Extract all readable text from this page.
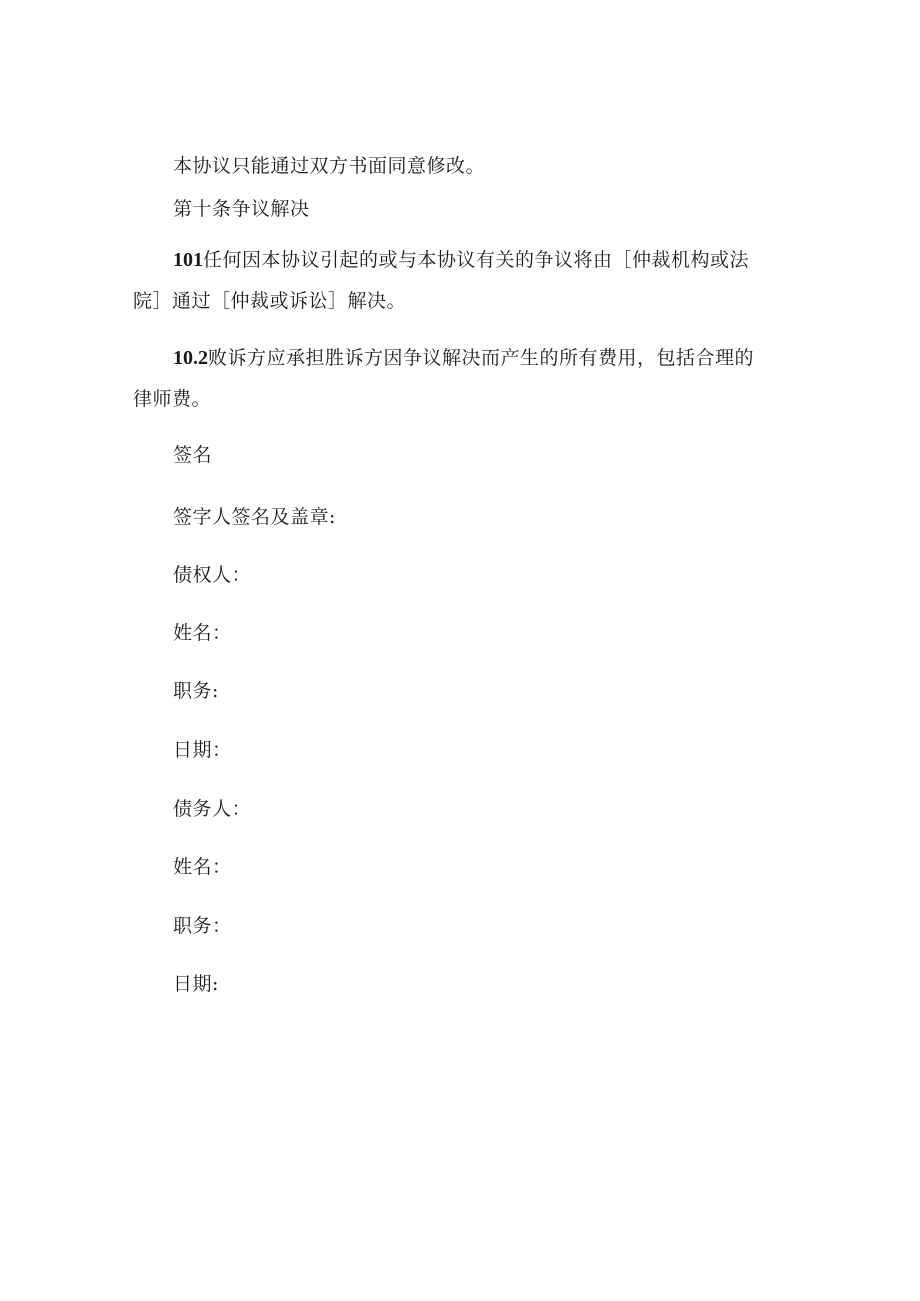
本协议只能通过双方书面同意修改。
第十条争议解决
101任何因本协议引起的或与本协议有关的争议将由［仲裁机构或法
院］通过［仲裁或诉讼］解决。
10.2败诉方应承担胜诉方因争议解决而产生的所有费用，包括合理的
律师费。
签名
签字人签名及盖章:
债权人：
姓名：
职务:
日期：
债务人：
姓名：
职务：
日期:
